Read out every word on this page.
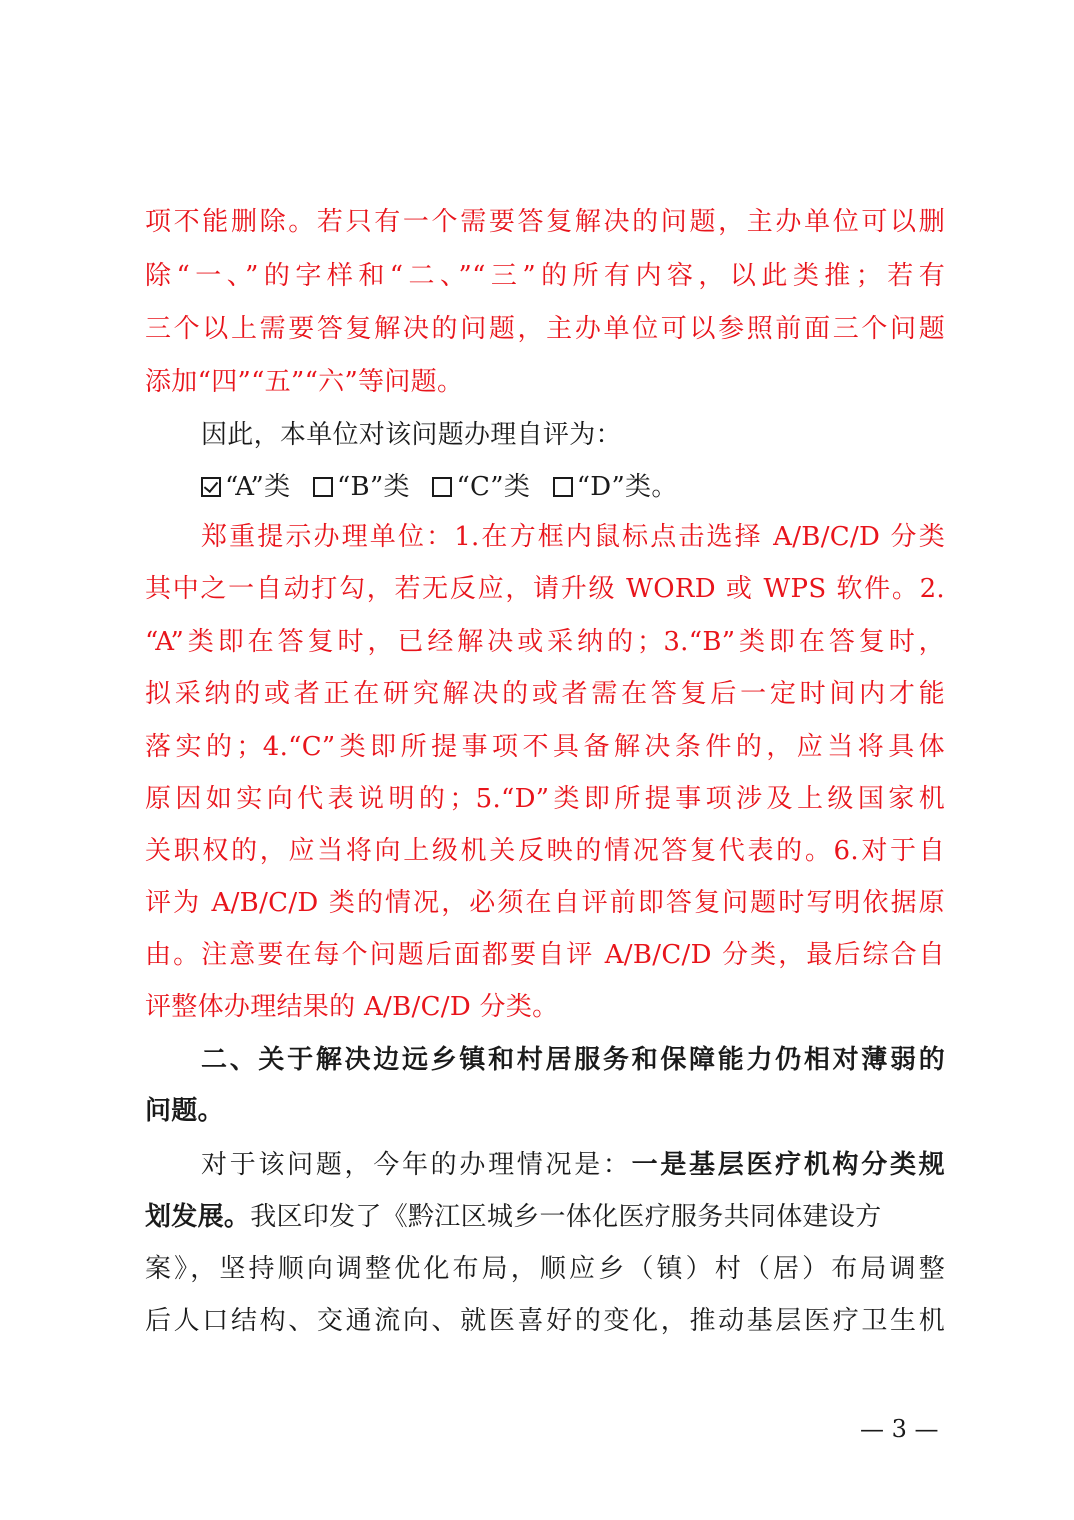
项不能删除。若只有一个需要答复解决的问题，主办单位可以删
除“一、”的字样和“二、”“三”的所有内容，以此类推；若有
三个以上需要答复解决的问题，主办单位可以参照前面三个问题
添加“四”“五”“六”等问题。
因此，本单位对该问题办理自评为：
“A”类 “B”类 “C”类 “D”类。
郑重提示办理单位：1.在方框内鼠标点击选择 A/B/C/D 分类
其中之一自动打勾，若无反应，请升级 WORD 或 WPS 软件。2.
“A”类即在答复时，已经解决或采纳的；3.“B”类即在答复时，
拟采纳的或者正在研究解决的或者需在答复后一定时间内才能
落实的；4.“C”类即所提事项不具备解决条件的，应当将具体
原因如实向代表说明的；5.“D”类即所提事项涉及上级国家机
关职权的，应当将向上级机关反映的情况答复代表的。6.对于自
评为 A/B/C/D 类的情况，必须在自评前即答复问题时写明依据原
由。注意要在每个问题后面都要自评 A/B/C/D 分类，最后综合自
评整体办理结果的 A/B/C/D 分类。
二、关于解决边远乡镇和村居服务和保障能力仍相对薄弱的
问题。
对于该问题，今年的办理情况是：一是基层医疗机构分类规
划发展。我区印发了《黔江区城乡一体化医疗服务共同体建设方
案》，坚持顺向调整优化布局，顺应乡（镇）村（居）布局调整
后人口结构、交通流向、就医喜好的变化，推动基层医疗卫生机
— 3 —
